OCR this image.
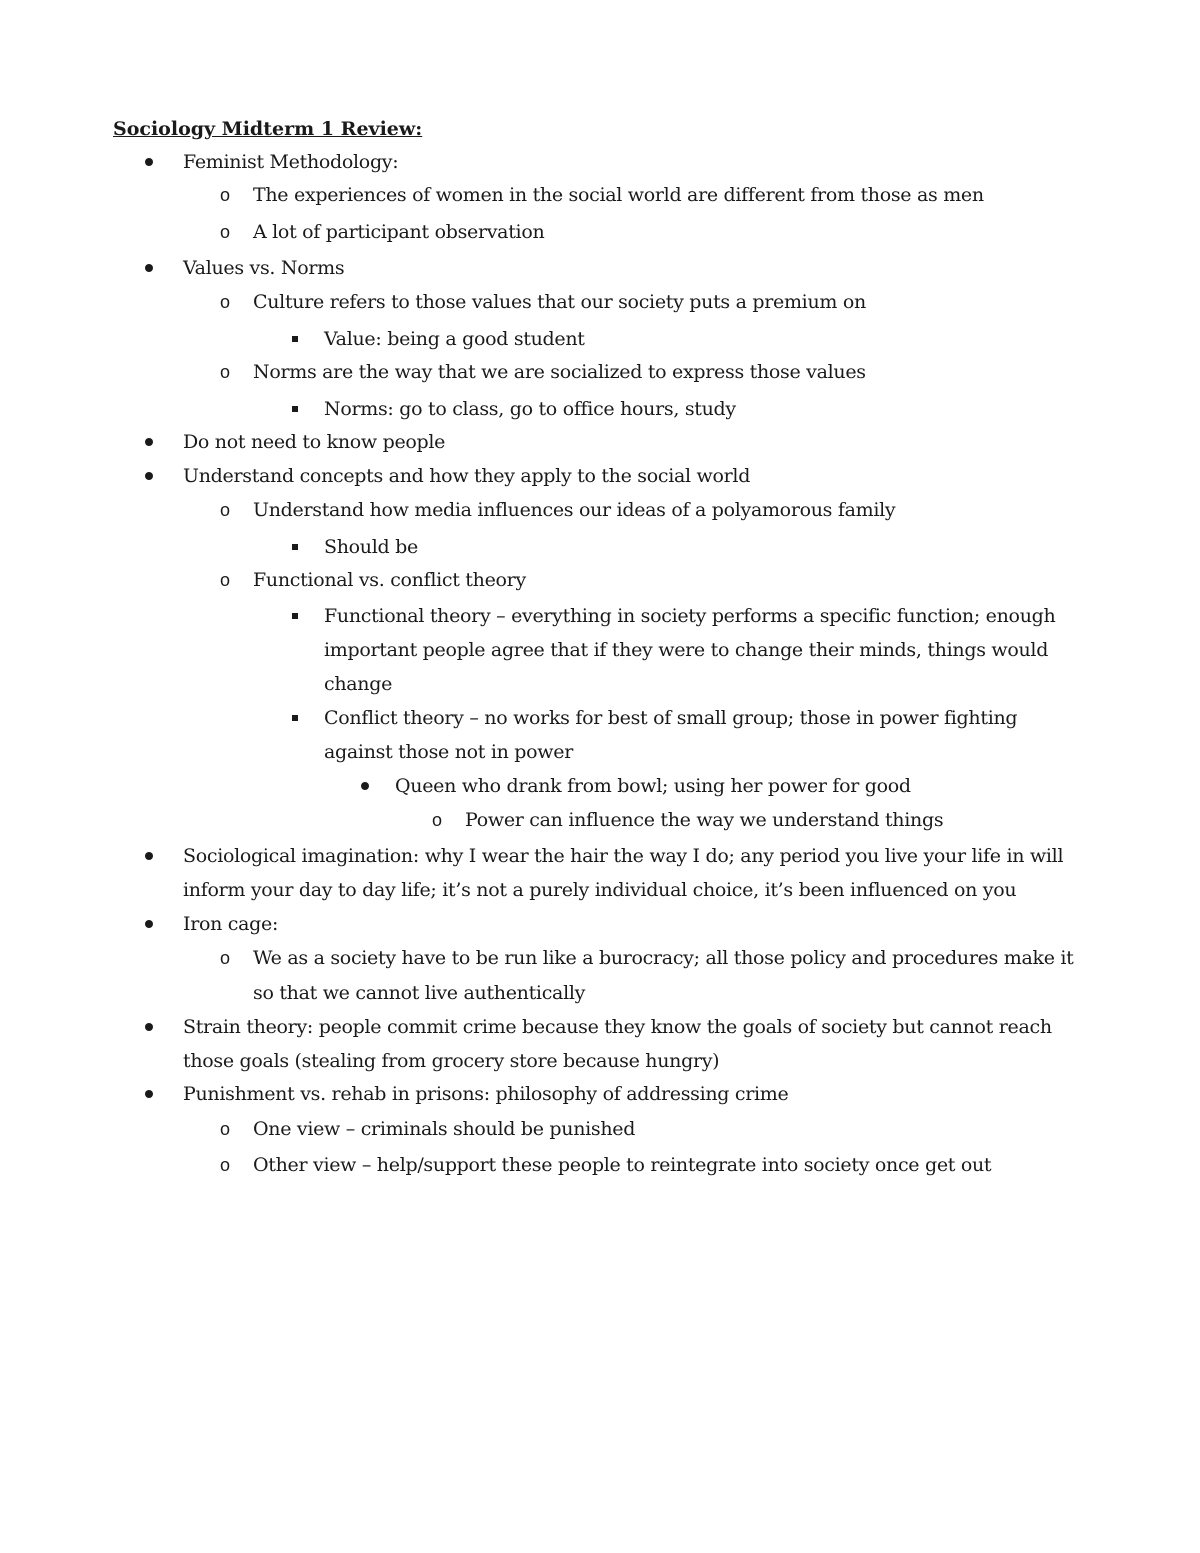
Sociology Midterm 1 Review:
Feminist Methodology:
o The experiences of women in the social world are different from those as men
o A lot of participant observation
Values vs. Norms
o Culture refers to those values that our society puts a premium on
Value: being a good student
o Norms are the way that we are socialized to express those values
Norms: go to class, go to office hours, study
Do not need to know people
Understand concepts and how they apply to the social world
o Understand how media influences our ideas of a polyamorous family
Should be
o Functional vs. conflict theory
Functional theory – everything in society performs a specific function; enough
important people agree that if they were to change their minds, things would
change
Conflict theory – no works for best of small group; those in power fighting
against those not in power
Queen who drank from bowl; using her power for good
o Power can influence the way we understand things
Sociological imagination: why I wear the hair the way I do; any period you live your life in will
inform your day to day life; it’s not a purely individual choice, it’s been influenced on you
Iron cage:
o We as a society have to be run like a burocracy; all those policy and procedures make it
so that we cannot live authentically
Strain theory: people commit crime because they know the goals of society but cannot reach
those goals (stealing from grocery store because hungry)
Punishment vs. rehab in prisons: philosophy of addressing crime
o One view – criminals should be punished
o Other view – help/support these people to reintegrate into society once get out
